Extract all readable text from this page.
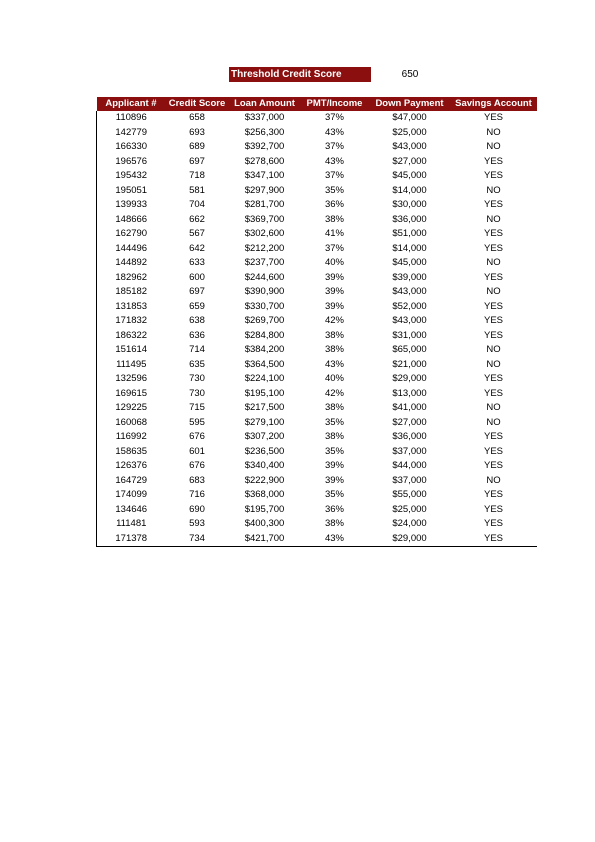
Threshold Credit Score	650
Applicant #	Credit Score	Loan Amount	PMT/Income	Down Payment	Savings Account
110896	658	$337,000	37%	$47,000	YES
142779	693	$256,300	43%	$25,000	NO
166330	689	$392,700	37%	$43,000	NO
196576	697	$278,600	43%	$27,000	YES
195432	718	$347,100	37%	$45,000	YES
195051	581	$297,900	35%	$14,000	NO
139933	704	$281,700	36%	$30,000	YES
148666	662	$369,700	38%	$36,000	NO
162790	567	$302,600	41%	$51,000	YES
144496	642	$212,200	37%	$14,000	YES
144892	633	$237,700	40%	$45,000	NO
182962	600	$244,600	39%	$39,000	YES
185182	697	$390,900	39%	$43,000	NO
131853	659	$330,700	39%	$52,000	YES
171832	638	$269,700	42%	$43,000	YES
186322	636	$284,800	38%	$31,000	YES
151614	714	$384,200	38%	$65,000	NO
111495	635	$364,500	43%	$21,000	NO
132596	730	$224,100	40%	$29,000	YES
169615	730	$195,100	42%	$13,000	YES
129225	715	$217,500	38%	$41,000	NO
160068	595	$279,100	35%	$27,000	NO
116992	676	$307,200	38%	$36,000	YES
158635	601	$236,500	35%	$37,000	YES
126376	676	$340,400	39%	$44,000	YES
164729	683	$222,900	39%	$37,000	NO
174099	716	$368,000	35%	$55,000	YES
134646	690	$195,700	36%	$25,000	YES
111481	593	$400,300	38%	$24,000	YES
171378	734	$421,700	43%	$29,000	YES
